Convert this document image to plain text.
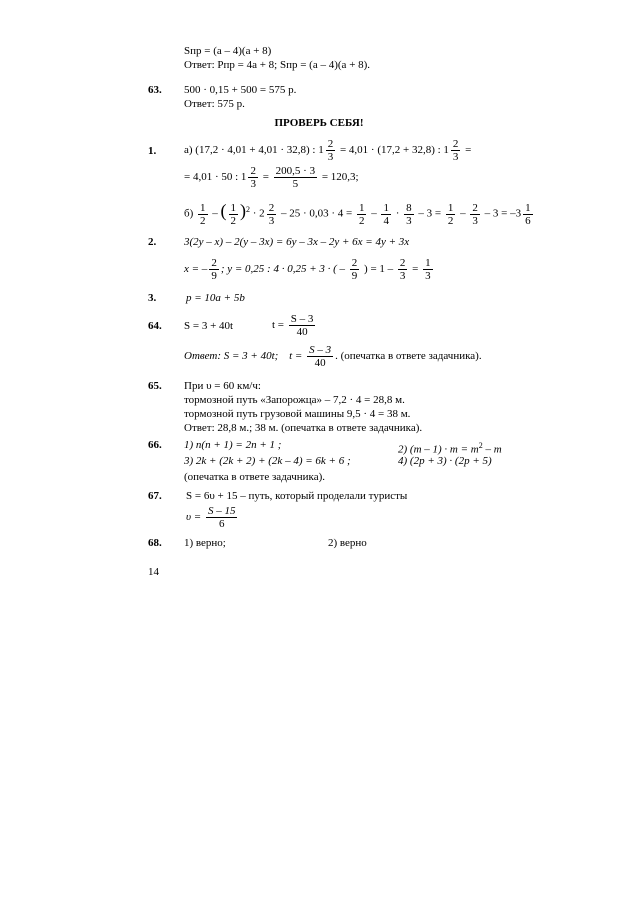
Sпр = (a – 4)(a + 8)
Ответ: Pпр = 4a + 8; Sпр = (a – 4)(a + 8).
63. 500 · 0,15 + 500 = 575 р.
Ответ: 575 р.
ПРОВЕРЬ СЕБЯ!
1.	а) (17,2 · 4,01 + 4,01 · 32,8) : $1 \frac{2}{3} = 4,01 \cdot (17,2 + 32,8)$ : $1 \frac{2}{3}$ =
= 4,01 · 50 : $1 \frac{2}{3} = \frac{200,5 \cdot 3}{5} = 120,3$;
$б) \frac{1}{2}$ – ( $\frac{1}{2} )^2 \cdot 2 \frac{2}{3} - 25 \cdot 0,03 \cdot 4 = \frac{1}{2} - \frac{1}{4} \cdot \frac{8}{3} - 3 = \frac{1}{2} - \frac{2}{3} - 3 = -3 \frac{1}{6}$
2.	3(2y – x) – 2(y – 3x) = 6y – 3x – 2y + 6x = 4y + 3x
x = – $\frac{2}{9}$ ; y = 0,25 : 4 · 0,25 + 3 · ( – $\frac{2}{9}$ ) = $1 - \frac{2}{3} = \frac{1}{3}$
3.	p = 10a + 5b
64. S = 3 + 40t	$t = \frac{S - 3}{40}$
Ответ: S = 3 + 40t; $t = \frac{S - 3}{40}$ . (опечатка в ответе задачника).
65. При υ = 60 км/ч:
тормозной путь «Запорожца» – 7,2 · 4 = 28,8 м.
тормозной путь грузовой машины 9,5 · 4 = 38 м.
Ответ: 28,8 м.; 38 м. (опечатка в ответе задачника).
66. 1) n(n + 1) = 2n + 1 ;	2) $(m - 1) \cdot m = m^2 - m$
3) 2k + (2k + 2) + (2k – 4) = 6k + 6 ;	4) (2p + 3) · (2p + 5)
(опечатка в ответе задачника).
67. S = 6υ + 15 – путь, который проделали туристы
$\upsilon = \frac{S - 15}{6}$
68. 1) верно;	2) верно
14
